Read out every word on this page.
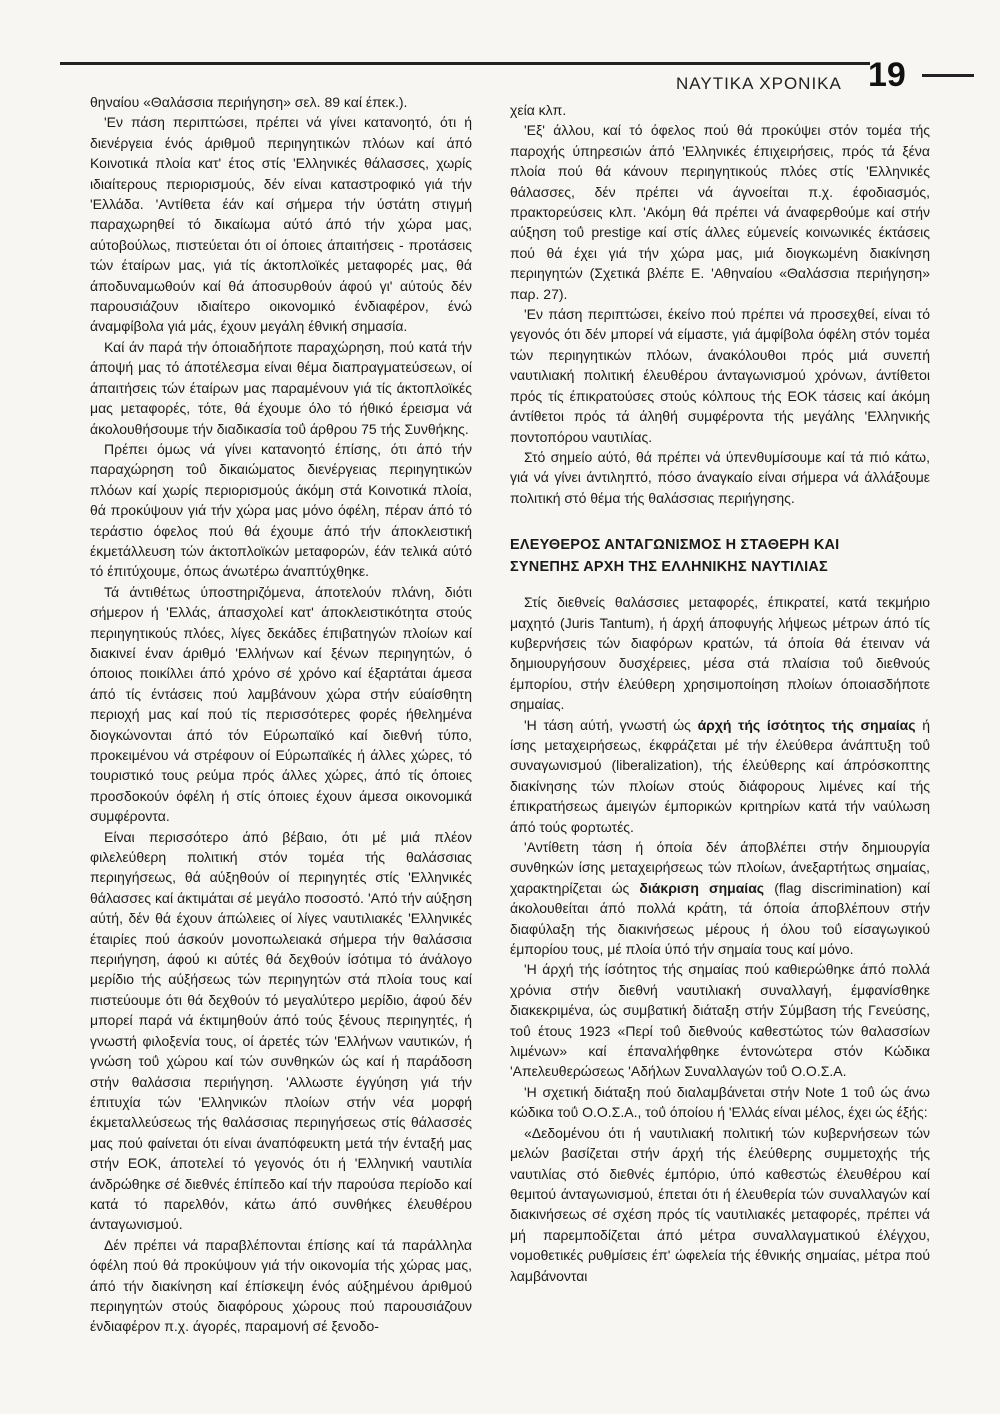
ΝΑΥΤΙΚΑ ΧΡΟΝΙΚΑ 19

θηναίου «Θαλάσσια περιήγηση» σελ. 89 καί έπεκ.).

'Εν πάση περιπτώσει, πρέπει νά γίνει κατανοητό, ότι ή διενέργεια ένός άριθμοΰ περιηγητικών πλόων καί άπό Κοινοτικά πλοία κατ' έτος στίς 'Ελληνικές θάλασσες, χωρίς ιδιαίτερους περιορισμούς, δέν είναι καταστροφικό γιά τήν 'Ελλάδα. 'Αντίθετα έάν καί σήμερα τήν ύστάτη στιγμή παραχωρηθεί τό δικαίωμα αύτό άπό τήν χώρα μας, αύτοβούλως, πιστεύεται ότι οί όποιες άπαιτήσεις - προτάσεις τών έταίρων μας, γιά τίς άκτοπλοϊκές μεταφορές μας, θά άποδυναμωθούν καί θά άποσυρθούν άφού γι' αύτούς δέν παρουσιάζουν ιδιαίτερο οικονομικό ένδιαφέρον, ένώ άναμφίβολα γιά μάς, έχουν μεγάλη έθνική σημασία.

Καί άν παρά τήν όποιαδήποτε παραχώρηση, πού κατά τήν άποψή μας τό άποτέλεσμα είναι θέμα διαπραγματεύσεων, οί άπαιτήσεις τών έταίρων μας παραμένουν γιά τίς άκτοπλοϊκές μας μεταφορές, τότε, θά έχουμε όλο τό ήθικό έρεισμα νά άκολουθήσουμε τήν διαδικασία τοΰ άρθρου 75 τής Συνθήκης.

Πρέπει όμως νά γίνει κατανοητό έπίσης, ότι άπό τήν παραχώρηση τοΰ δικαιώματος διενέργειας περιηγητικών πλόων καί χωρίς περιορισμούς άκόμη στά Κοινοτικά πλοία, θά προκύψουν γιά τήν χώρα μας μόνο όφέλη, πέραν άπό τό τεράστιο όφελος πού θά έχουμε άπό τήν άποκλειστική έκμετάλλευση τών άκτοπλοϊκών μεταφορών, έάν τελικά αύτό τό έπιτύχουμε, όπως άνωτέρω άναπτύχθηκε.

Τά άντιθέτως ύποστηριζόμενα, άποτελούν πλάνη, διότι σήμερον ή 'Ελλάς, άπασχολεί κατ' άποκλειστικότητα στούς περιηγητικούς πλόες, λίγες δεκάδες έπιβατηγών πλοίων καί διακινεί έναν άριθμό 'Ελλήνων καί ξένων περιηγητών, ό όποιος ποικίλλει άπό χρόνο σέ χρόνο καί έξαρτάται άμεσα άπό τίς έντάσεις πού λαμβάνουν χώρα στήν εύαίσθητη περιοχή μας καί πού τίς περισσότερες φορές ήθελημένα διογκώνονται άπό τόν Εύρωπαϊκό καί διεθνή τύπο, προκειμένου νά στρέφουν οί Εύρωπαϊκές ή άλλες χώρες, τό τουριστικό τους ρεύμα πρός άλλες χώρες, άπό τίς όποιες προσδοκούν όφέλη ή στίς όποιες έχουν άμεσα οικονομικά συμφέροντα.

Είναι περισσότερο άπό βέβαιο, ότι μέ μιά πλέον φιλελεύθερη πολιτική στόν τομέα τής θαλάσσιας περιηγήσεως, θά αύξηθούν οί περιηγητές στίς 'Ελληνικές θάλασσες καί άκτιμάται σέ μεγάλο ποσοστό. 'Από τήν αύξηση αύτή, δέν θά έχουν άπώλειες οί λίγες ναυτιλιακές 'Ελληνικές έταιρίες πού άσκούν μονοπωλειακά σήμερα τήν θαλάσσια περιήγηση, άφού κι αύτές θά δεχθούν ίσότιμα τό άνάλογο μερίδιο τής αύξήσεως τών περιηγητών στά πλοία τους καί πιστεύουμε ότι θά δεχθούν τό μεγαλύτερο μερίδιο, άφού δέν μπορεί παρά νά έκτιμηθούν άπό τούς ξένους περιηγητές, ή γνωστή φιλοξενία τους, οί άρετές τών 'Ελλήνων ναυτικών, ή γνώση τοΰ χώρου καί τών συνθηκών ώς καί ή παράδοση στήν θαλάσσια περιήγηση. 'Αλλωστε έγγύηση γιά τήν έπιτυχία τών 'Ελληνικών πλοίων στήν νέα μορφή έκμεταλλεύσεως τής θαλάσσιας περιηγήσεως στίς θάλασσές μας πού φαίνεται ότι είναι άναπόφευκτη μετά τήν ένταξή μας στήν ΕΟΚ, άποτελεί τό γεγονός ότι ή 'Ελληνική ναυτιλία άνδρώθηκε σέ διεθνές έπίπεδο καί τήν παρούσα περίοδο καί κατά τό παρελθόν, κάτω άπό συνθήκες έλευθέρου άνταγωνισμού.

Δέν πρέπει νά παραβλέπονται έπίσης καί τά παράλληλα όφέλη πού θά προκύψουν γιά τήν οικονομία τής χώρας μας, άπό τήν διακίνηση καί έπίσκεψη ένός αύξημένου άριθμού περιηγητών στούς διαφόρους χώρους πού παρουσιάζουν ένδιαφέρον π.χ. άγορές, παραμονή σέ ξενοδο-

χεία κλπ.

'Εξ' άλλου, καί τό όφελος πού θά προκύψει στόν τομέα τής παροχής ύπηρεσιών άπό 'Ελληνικές έπιχειρήσεις, πρός τά ξένα πλοία πού θά κάνουν περιηγητικούς πλόες στίς 'Ελληνικές θάλασσες, δέν πρέπει νά άγνοείται π.χ. έφοδιασμός, πρακτορεύσεις κλπ. 'Ακόμη θά πρέπει νά άναφερθούμε καί στήν αύξηση τοΰ prestige καί στίς άλλες εύμενείς κοινωνικές έκτάσεις πού θά έχει γιά τήν χώρα μας, μιά διογκωμένη διακίνηση περιηγητών (Σχετικά βλέπε Ε. 'Αθηναίου «Θαλάσσια περιήγηση» παρ. 27).

'Εν πάση περιπτώσει, έκείνο πού πρέπει νά προσεχθεί, είναι τό γεγονός ότι δέν μπορεί νά είμαστε, γιά άμφίβολα όφέλη στόν τομέα τών περιηγητικών πλόων, άνακόλουθοι πρός μιά συνεπή ναυτιλιακή πολιτική έλευθέρου άνταγωνισμού χρόνων, άντίθετοι πρός τίς έπικρατούσες στούς κόλπους τής ΕΟΚ τάσεις καί άκόμη άντίθετοι πρός τά άληθή συμφέροντα τής μεγάλης 'Ελληνικής ποντοπόρου ναυτιλίας.

Στό σημείο αύτό, θά πρέπει νά ύπενθυμίσουμε καί τά πιό κάτω, γιά νά γίνει άντιληπτό, πόσο άναγκαίο είναι σήμερα νά άλλάξουμε πολιτική στό θέμα τής θαλάσσιας περιήγησης.

ΕΛΕΥΘΕΡΟΣ ΑΝΤΑΓΩΝΙΣΜΟΣ Η ΣΤΑΘΕΡΗ ΚΑΙ
ΣΥΝΕΠΗΣ ΑΡΧΗ ΤΗΣ ΕΛΛΗΝΙΚΗΣ ΝΑΥΤΙΛΙΑΣ

Στίς διεθνείς θαλάσσιες μεταφορές, έπικρατεί, κατά τεκμήριο μαχητό (Juris Tantum), ή άρχή άποφυγής λήψεως μέτρων άπό τίς κυβερνήσεις τών διαφόρων κρατών, τά όποία θά έτειναν νά δημιουργήσουν δυσχέρειες, μέσα στά πλαίσια τοΰ διεθνούς έμπορίου, στήν έλεύθερη χρησιμοποίηση πλοίων όποιασδήποτε σημαίας.

'Η τάση αύτή, γνωστή ώς άρχή τής ίσότητος τής σημαίας ή ίσης μεταχειρήσεως, έκφράζεται μέ τήν έλεύθερα άνάπτυξη τοΰ συναγωνισμού (liberalization), τής έλεύθερης καί άπρόσκοπτης διακίνησης τών πλοίων στούς διάφορους λιμένες καί τής έπικρατήσεως άμειγών έμπορικών κριτηρίων κατά τήν ναύλωση άπό τούς φορτωτές.

'Αντίθετη τάση ή όποία δέν άποβλέπει στήν δημιουργία συνθηκών ίσης μεταχειρήσεως τών πλοίων, άνεξαρτήτως σημαίας, χαρακτηρίζεται ώς διάκριση σημαίας (flag discrimination) καί άκολουθείται άπό πολλά κράτη, τά όποία άποβλέπουν στήν διαφύλαξη τής διακινήσεως μέρους ή όλου τοΰ είσαγωγικού έμπορίου τους, μέ πλοία ύπό τήν σημαία τους καί μόνο.

'Η άρχή τής ίσότητος τής σημαίας πού καθιερώθηκε άπό πολλά χρόνια στήν διεθνή ναυτιλιακή συναλλαγή, έμφανίσθηκε διακεκριμένα, ώς συμβατική διάταξη στήν Σύμβαση τής Γενεύσης, τοΰ έτους 1923 «Περί τοΰ διεθνούς καθεστώτος τών θαλασσίων λιμένων» καί έπαναλήφθηκε έντονώτερα στόν Κώδικα 'Απελευθερώσεως 'Αδήλων Συναλλαγών τοΰ Ο.Ο.Σ.Α.

'Η σχετική διάταξη πού διαλαμβάνεται στήν Note 1 τοΰ ώς άνω κώδικα τοΰ Ο.Ο.Σ.Α., τοΰ όποίου ή 'Ελλάς είναι μέλος, έχει ώς έξής:

«Δεδομένου ότι ή ναυτιλιακή πολιτική τών κυβερνήσεων τών μελών βασίζεται στήν άρχή τής έλεύθερης συμμετοχής τής ναυτιλίας στό διεθνές έμπόριο, ύπό καθεστώς έλευθέρου καί θεμιτού άνταγωνισμού, έπεται ότι ή έλευθερία τών συναλλαγών καί διακινήσεως σέ σχέση πρός τίς ναυτιλιακές μεταφορές, πρέπει νά μή παρεμποδίζεται άπό μέτρα συναλλαγματικού έλέγχου, νομοθετικές ρυθμίσεις έπ' ώφελεία τής έθνικής σημαίας, μέτρα πού λαμβάνονται
